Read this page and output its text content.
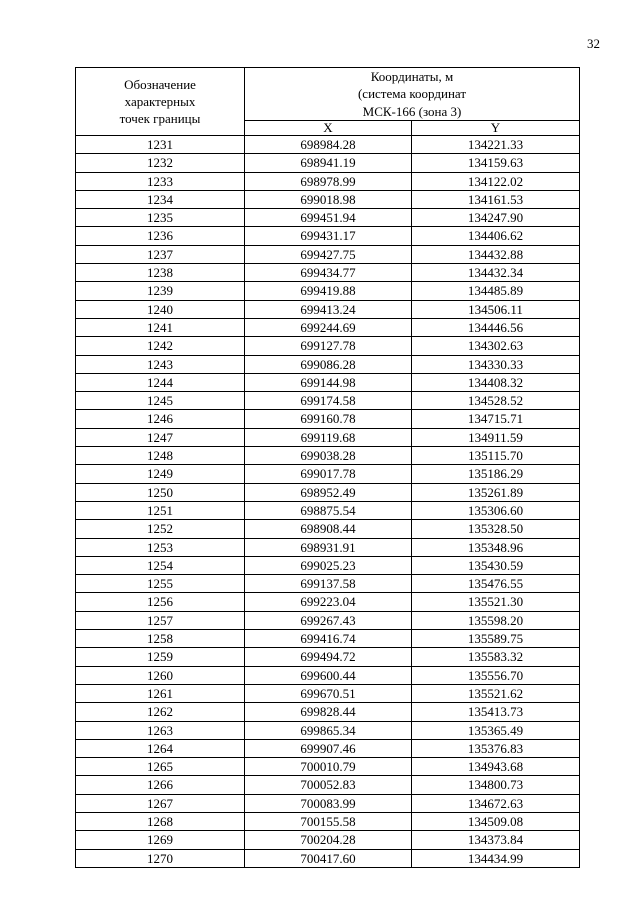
32
Обозначение
характерных
точек границы	Координаты, м
(система координат
МСК-166 (зона 3)	

	X	Y
1231	698984.28	134221.33
1232	698941.19	134159.63
1233	698978.99	134122.02
1234	699018.98	134161.53
1235	699451.94	134247.90
1236	699431.17	134406.62
1237	699427.75	134432.88
1238	699434.77	134432.34
1239	699419.88	134485.89
1240	699413.24	134506.11
1241	699244.69	134446.56
1242	699127.78	134302.63
1243	699086.28	134330.33
1244	699144.98	134408.32
1245	699174.58	134528.52
1246	699160.78	134715.71
1247	699119.68	134911.59
1248	699038.28	135115.70
1249	699017.78	135186.29
1250	698952.49	135261.89
1251	698875.54	135306.60
1252	698908.44	135328.50
1253	698931.91	135348.96
1254	699025.23	135430.59
1255	699137.58	135476.55
1256	699223.04	135521.30
1257	699267.43	135598.20
1258	699416.74	135589.75
1259	699494.72	135583.32
1260	699600.44	135556.70
1261	699670.51	135521.62
1262	699828.44	135413.73
1263	699865.34	135365.49
1264	699907.46	135376.83
1265	700010.79	134943.68
1266	700052.83	134800.73
1267	700083.99	134672.63
1268	700155.58	134509.08
1269	700204.28	134373.84
1270	700417.60	134434.99
